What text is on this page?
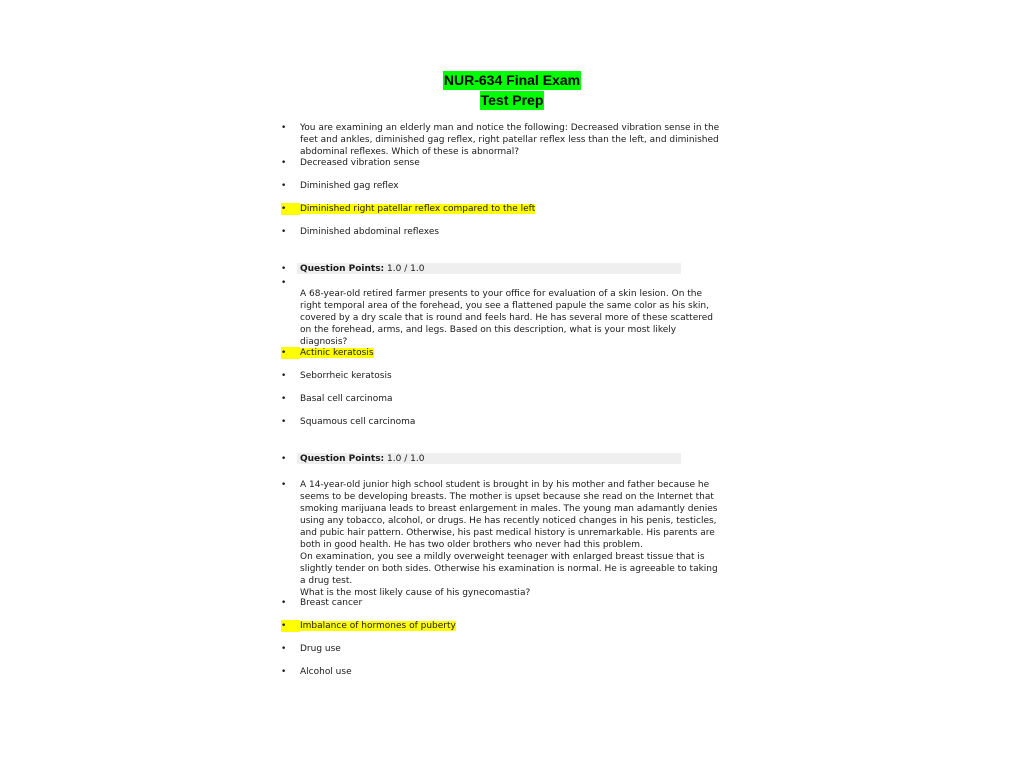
NUR-634 Final Exam
Test Prep
•
You are examining an elderly man and notice the following: Decreased vibration sense in the feet and ankles, diminished gag reflex, right patellar reflex less than the left, and diminished abdominal reflexes. Which of these is abnormal?
•
Decreased vibration sense
•
Diminished gag reflex
•
Diminished right patellar reflex compared to the left
•
Diminished abdominal reflexes
•
Question Points: 1.0 / 1.0
•
A 68-year-old retired farmer presents to your office for evaluation of a skin lesion. On the right temporal area of the forehead, you see a flattened papule the same color as his skin, covered by a dry scale that is round and feels hard. He has several more of these scattered on the forehead, arms, and legs. Based on this description, what is your most likely diagnosis?
•
Actinic keratosis
•
Seborrheic keratosis
•
Basal cell carcinoma
•
Squamous cell carcinoma
•
Question Points: 1.0 / 1.0
•
A 14-year-old junior high school student is brought in by his mother and father because he seems to be developing breasts. The mother is upset because she read on the Internet that smoking marijuana leads to breast enlargement in males. The young man adamantly denies using any tobacco, alcohol, or drugs. He has recently noticed changes in his penis, testicles, and pubic hair pattern. Otherwise, his past medical history is unremarkable. His parents are both in good health. He has two older brothers who never had this problem.
On examination, you see a mildly overweight teenager with enlarged breast tissue that is slightly tender on both sides. Otherwise his examination is normal. He is agreeable to taking a drug test.
What is the most likely cause of his gynecomastia?
•
Breast cancer
•
Imbalance of hormones of puberty
•
Drug use
•
Alcohol use
